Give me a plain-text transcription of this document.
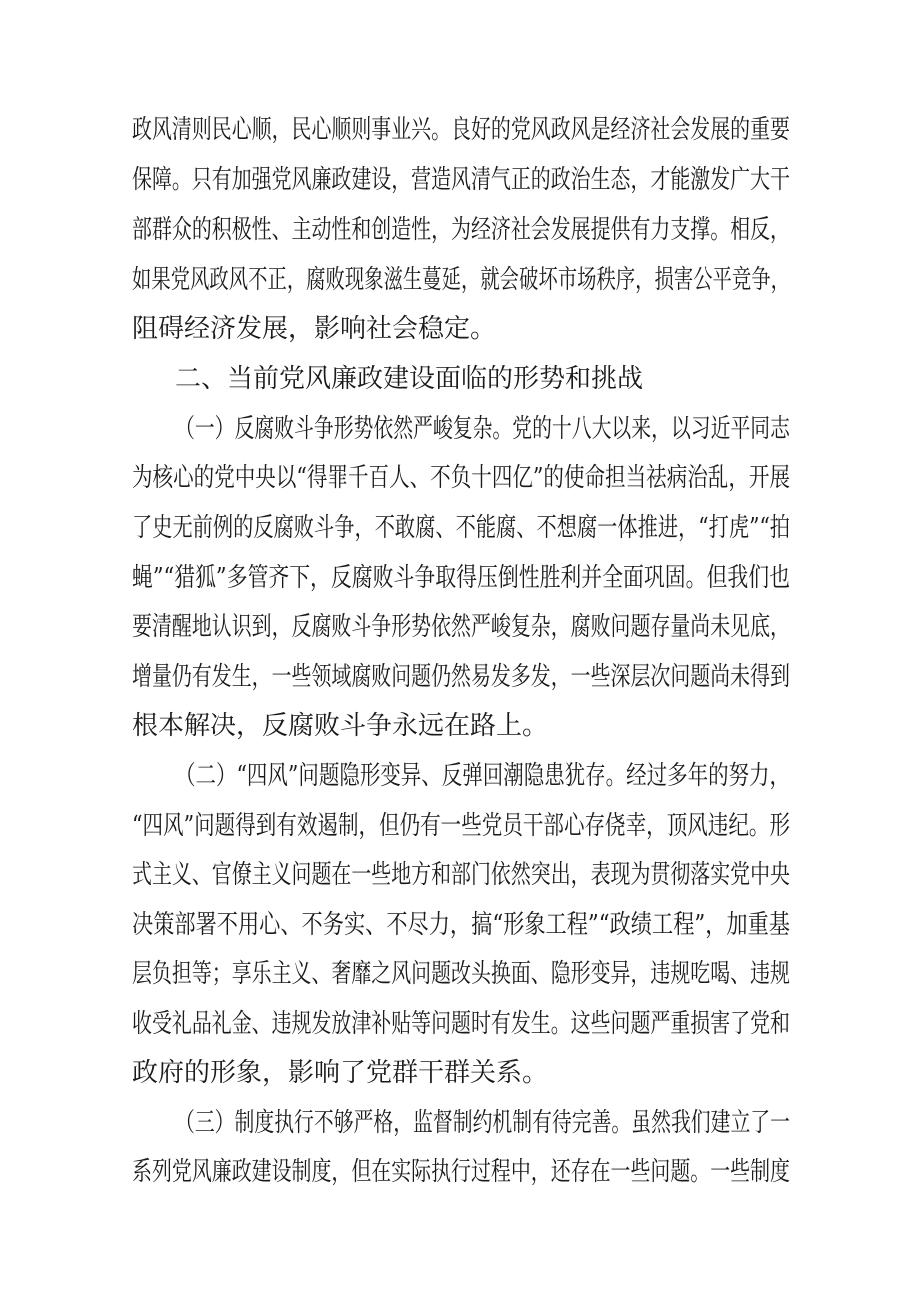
政风清则民心顺，民心顺则事业兴。良好的党风政风是经济社会发展的重要
保障。只有加强党风廉政建设，营造风清气正的政治生态，才能激发广大干
部群众的积极性、主动性和创造性，为经济社会发展提供有力支撑。相反，
如果党风政风不正，腐败现象滋生蔓延，就会破坏市场秩序，损害公平竞争，
阻碍经济发展，影响社会稳定。
二、当前党风廉政建设面临的形势和挑战
（一）反腐败斗争形势依然严峻复杂。党的十八大以来，以习近平同志
为核心的党中央以“得罪千百人、不负十四亿”的使命担当祛病治乱，开展
了史无前例的反腐败斗争，不敢腐、不能腐、不想腐一体推进，“打虎”“拍
蝇”“猎狐”多管齐下，反腐败斗争取得压倒性胜利并全面巩固。但我们也
要清醒地认识到，反腐败斗争形势依然严峻复杂，腐败问题存量尚未见底，
增量仍有发生，一些领域腐败问题仍然易发多发，一些深层次问题尚未得到
根本解决，反腐败斗争永远在路上。
（二）“四风”问题隐形变异、反弹回潮隐患犹存。经过多年的努力，
“四风”问题得到有效遏制，但仍有一些党员干部心存侥幸，顶风违纪。形
式主义、官僚主义问题在一些地方和部门依然突出，表现为贯彻落实党中央
决策部署不用心、不务实、不尽力，搞“形象工程”“政绩工程”，加重基
层负担等；享乐主义、奢靡之风问题改头换面、隐形变异，违规吃喝、违规
收受礼品礼金、违规发放津补贴等问题时有发生。这些问题严重损害了党和
政府的形象，影响了党群干群关系。
（三）制度执行不够严格，监督制约机制有待完善。虽然我们建立了一
系列党风廉政建设制度，但在实际执行过程中，还存在一些问题。一些制度
